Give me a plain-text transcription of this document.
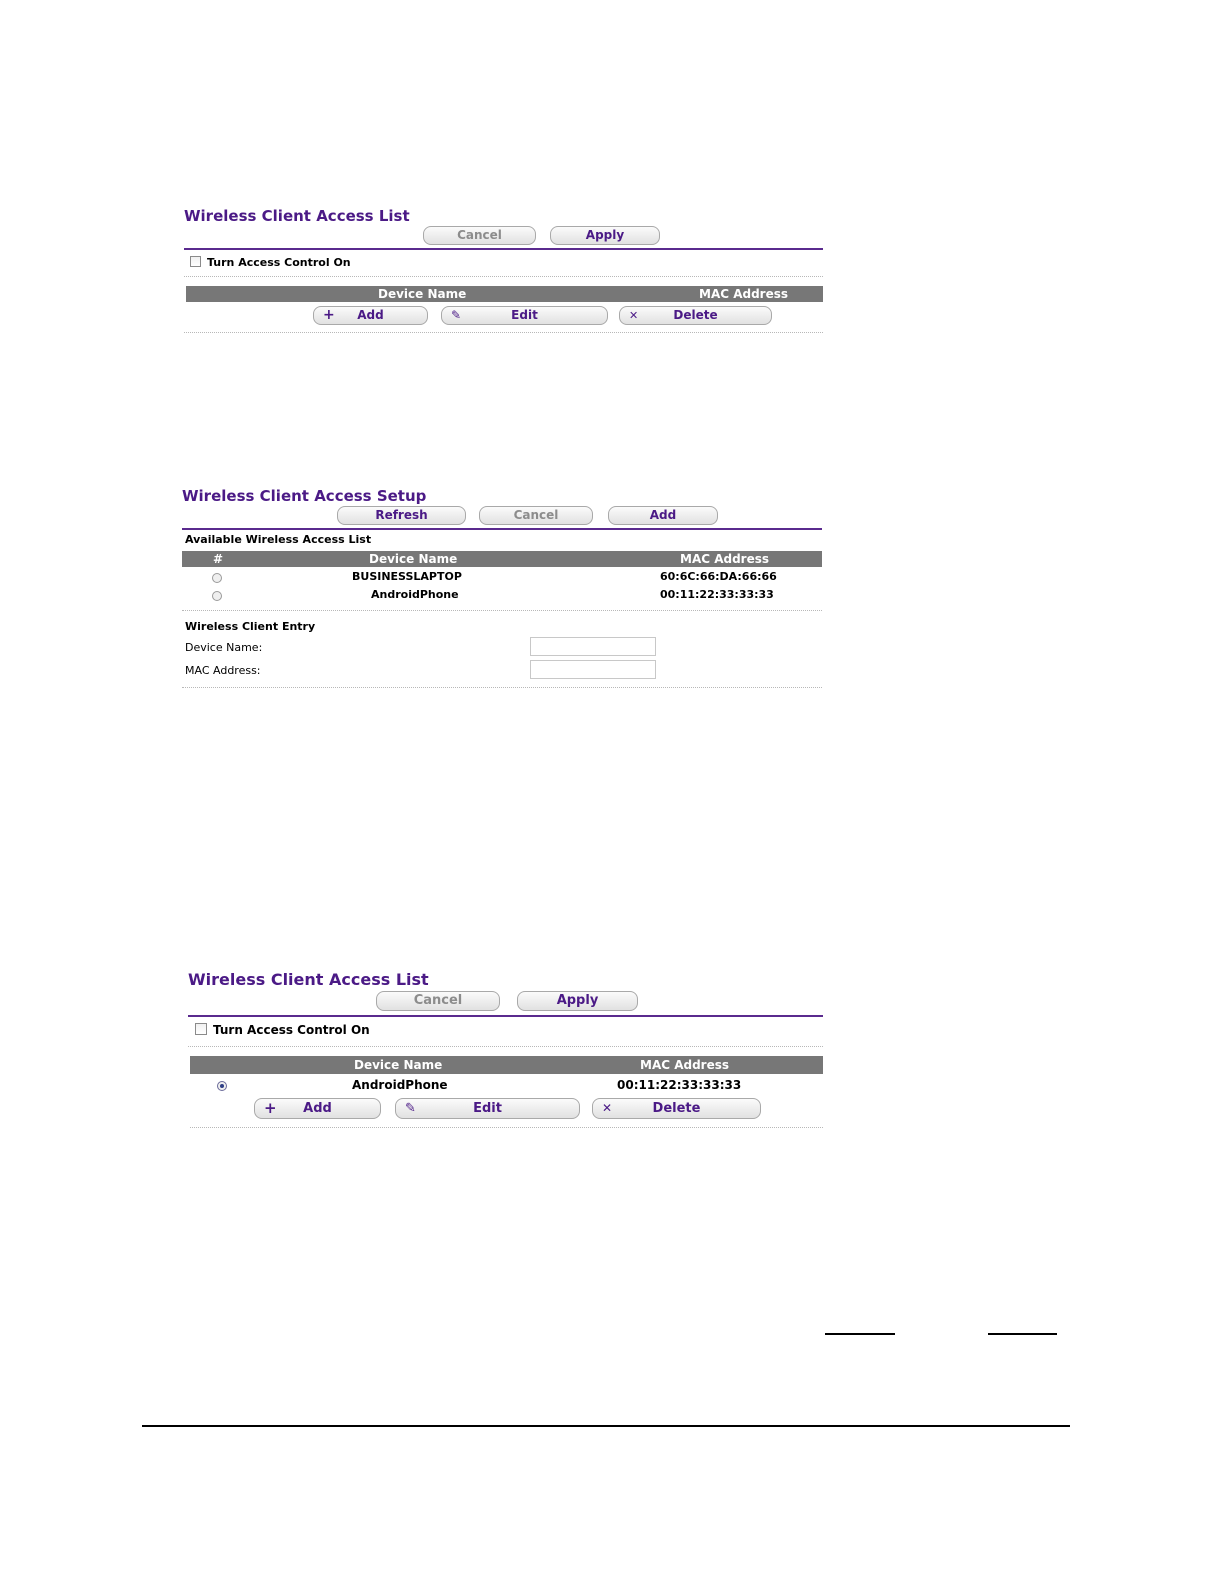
Wireless Client Access List
Cancel	Apply
Turn Access Control On
Device Name	MAC Address
+	Add	✎	Edit	✕	Delete
Wireless Client Access Setup
Refresh	Cancel	Add
Available Wireless Access List
#	Device Name	MAC Address
BUSINESSLAPTOP	60:6C:66:DA:66:66
AndroidPhone	00:11:22:33:33:33
Wireless Client Entry
Device Name:
MAC Address:
Wireless Client Access List
Cancel	Apply
Turn Access Control On
Device Name	MAC Address
AndroidPhone	00:11:22:33:33:33
+	Add	✎	Edit	✕	Delete
